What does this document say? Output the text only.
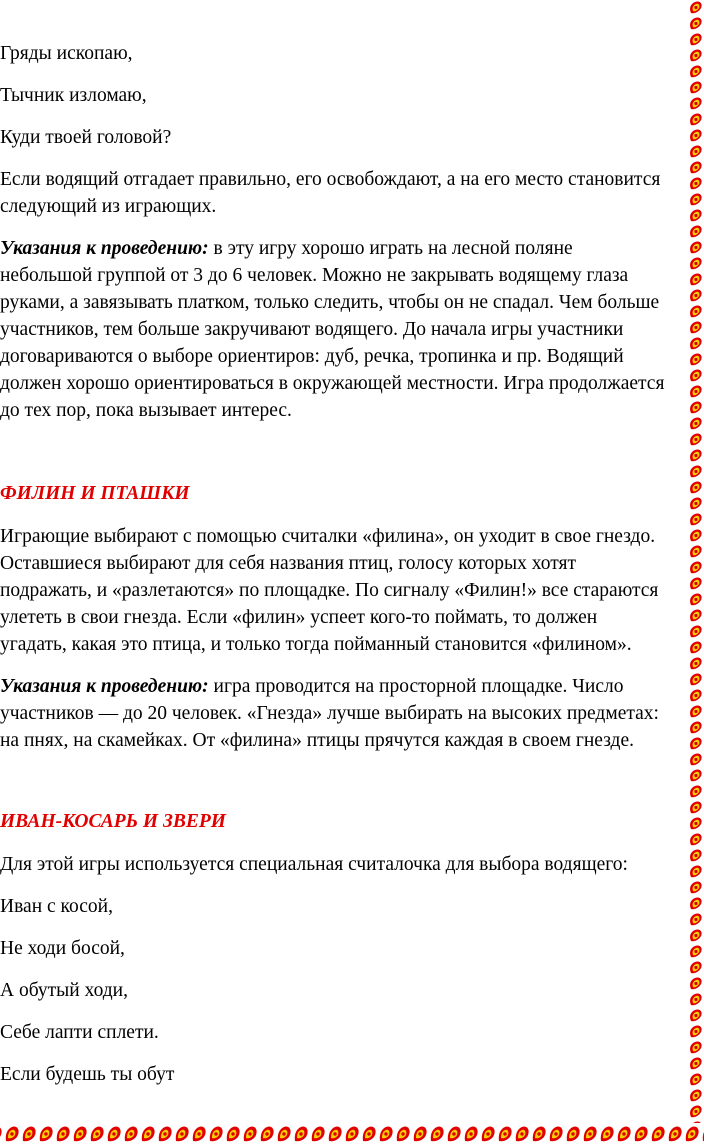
Гряды ископаю,
Тычник изломаю,
Куди твоей головой?
Если водящий отгадает правильно, его освобождают, а на его место становится
следующий из играющих.
Указания к проведению: в эту игру хорошо играть на лесной поляне
небольшой группой от 3 до 6 человек. Можно не закрывать водящему глаза
руками, а завязывать платком, только следить, чтобы он не спадал. Чем больше
участников, тем больше закручивают водящего. До начала игры участники
договариваются о выборе ориентиров: дуб, речка, тропинка и пр. Водящий
должен хорошо ориентироваться в окружающей местности. Игра продолжается
до тех пор, пока вызывает интерес.
ФИЛИН И ПТАШКИ
Играющие выбирают с помощью считалки «филина», он уходит в свое гнездо.
Оставшиеся выбирают для себя названия птиц, голосу которых хотят
подражать, и «разлетаются» по площадке. По сигналу «Филин!» все стараются
улететь в свои гнезда. Если «филин» успеет кого-то поймать, то должен
угадать, какая это птица, и только тогда пойманный становится «филином».
Указания к проведению: игра проводится на просторной площадке. Число
участников — до 20 человек. «Гнезда» лучше выбирать на высоких предметах:
на пнях, на скамейках. От «филина» птицы прячутся каждая в своем гнезде.
ИВАН-КОСАРЬ И ЗВЕРИ
Для этой игры используется специальная считалочка для выбора водящего:
Иван с косой,
Не ходи босой,
А обутый ходи,
Себе лапти сплети.
Если будешь ты обут
